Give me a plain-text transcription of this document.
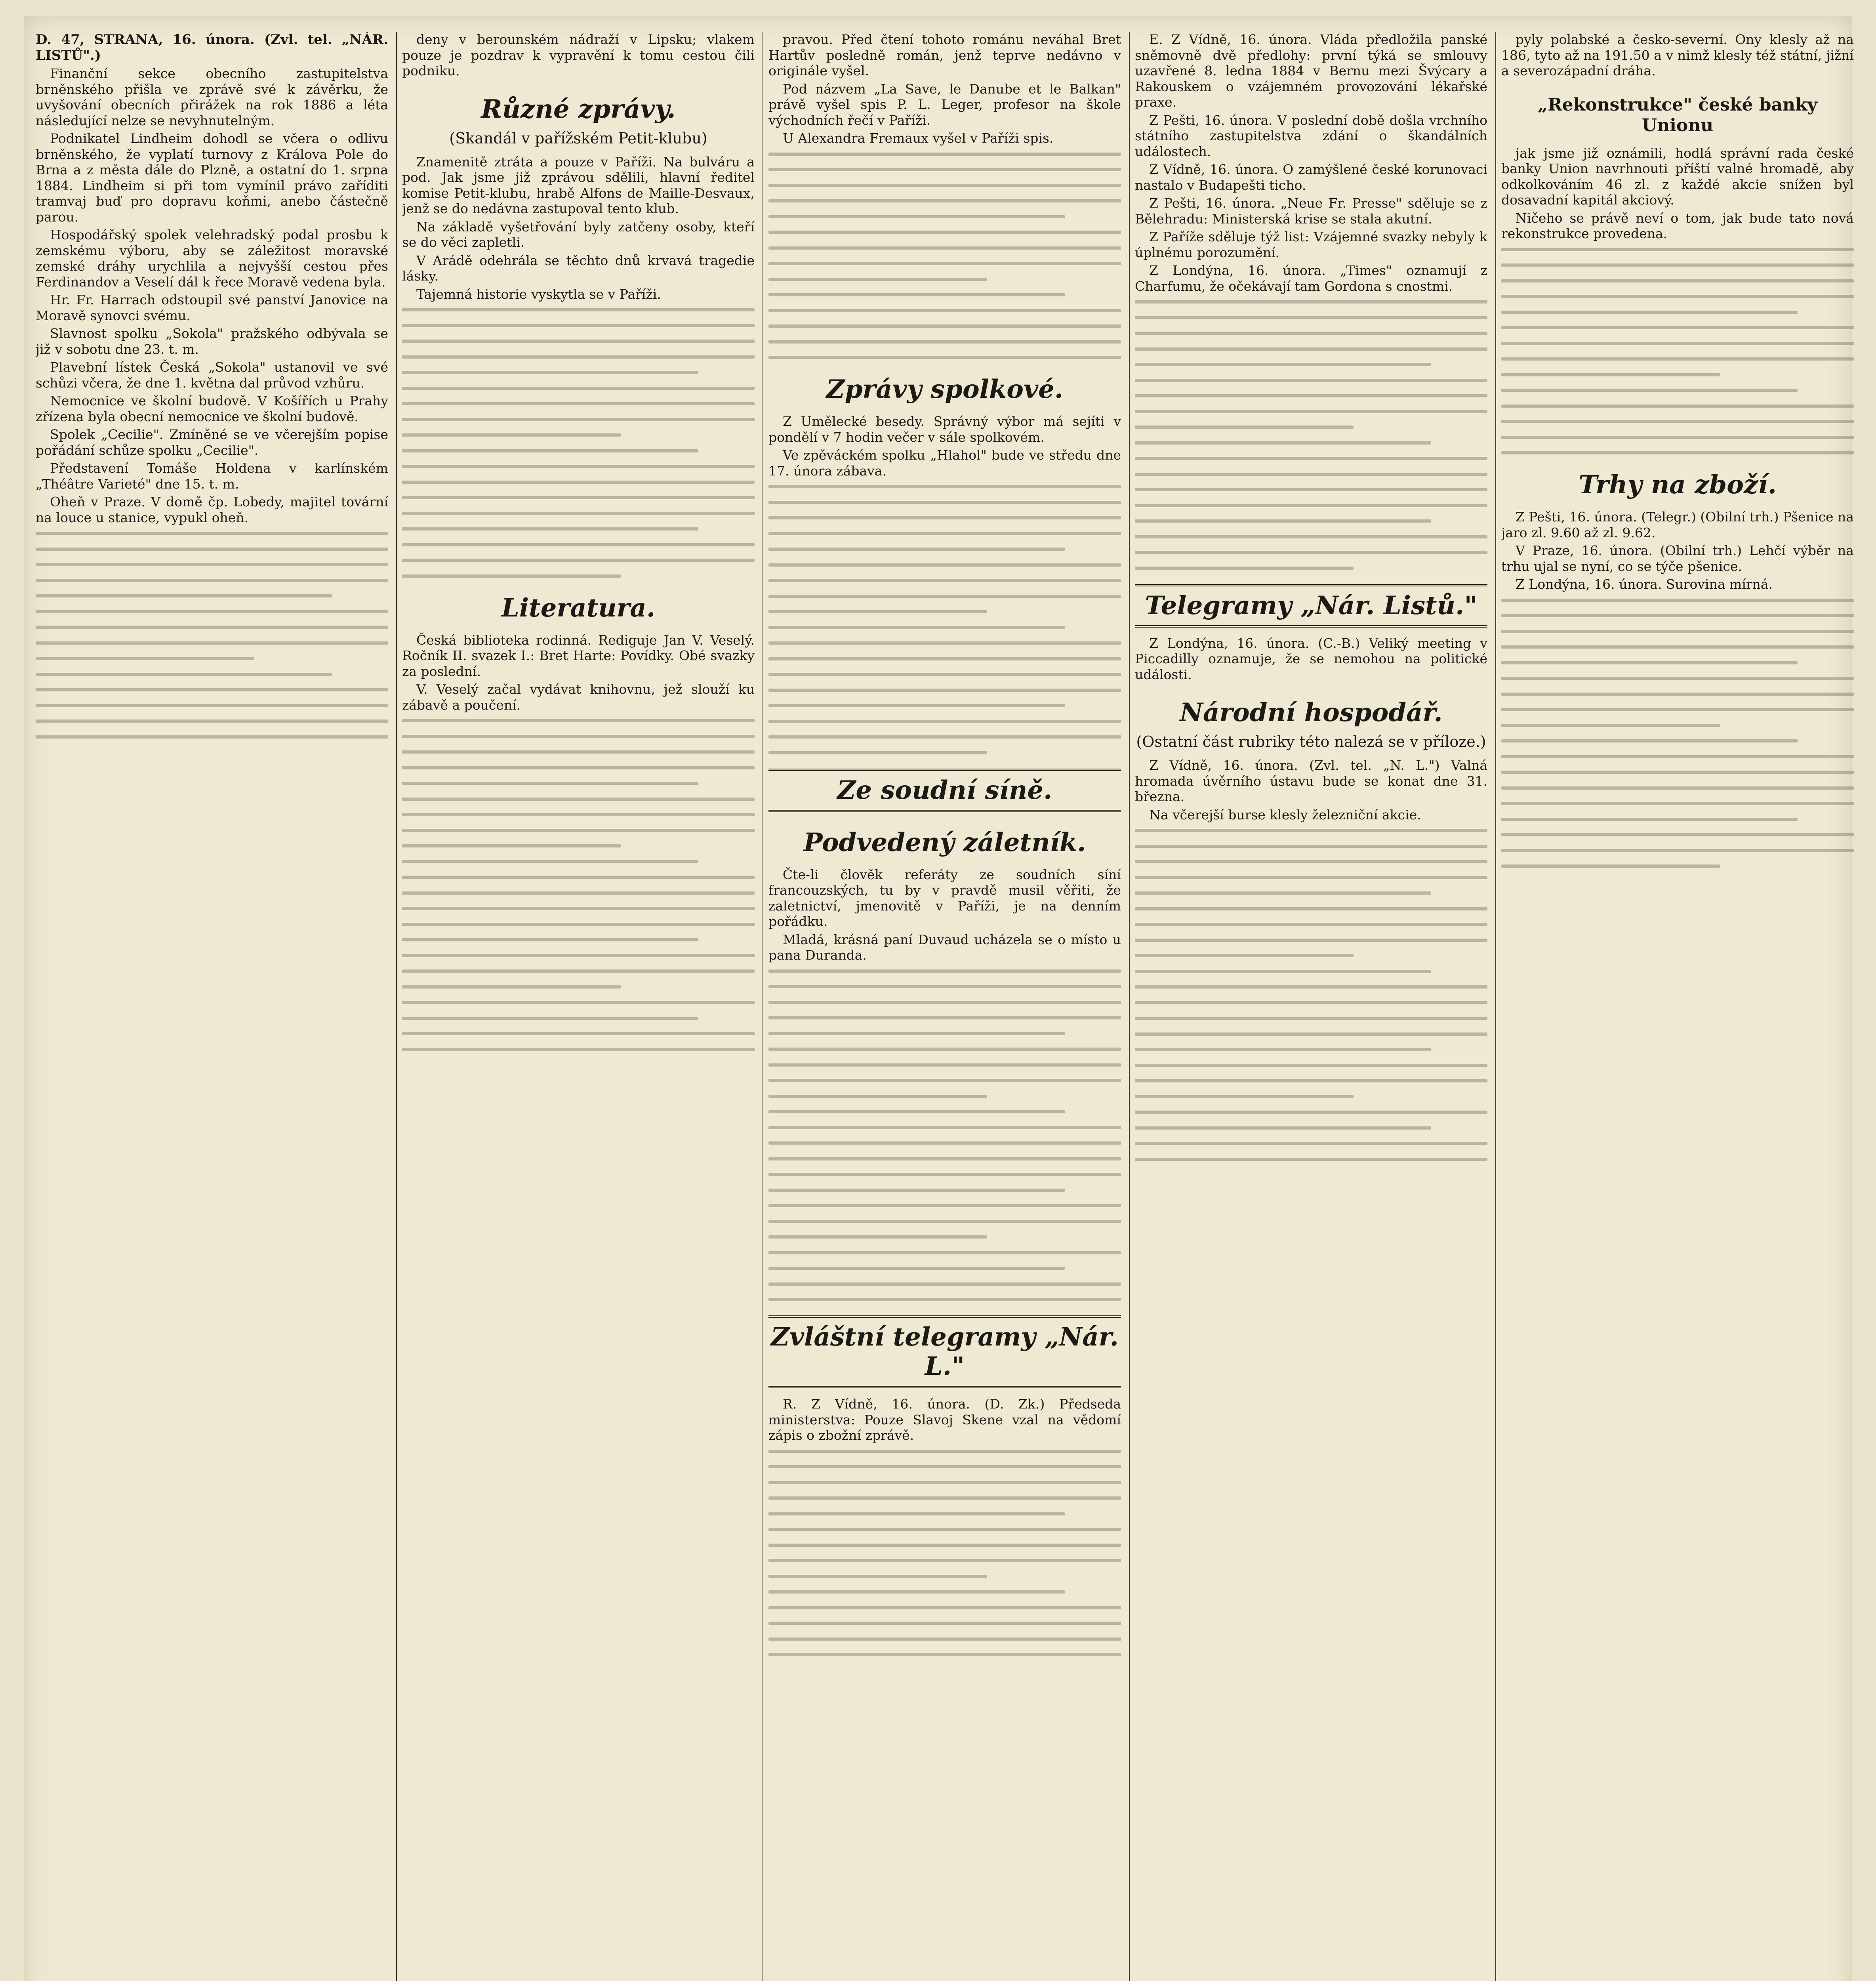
D. 47, STRANA, 16. února. (Zvl. tel. „NÁR. LISTŮ".)

Finanční sekce obecního zastupitelstva brněnského přišla ve zprávě své k závěrku, že uvyšování obecních přirážek na rok 1886 a léta následující nelze se nevyhnutelným.

Podnikatel Lindheim dohodl se včera o odlivu brněnského, že vyplatí turnovy z Králova Pole do Brna a z města dále do Plzně, a ostatní do 1. srpna 1884. Lindheim si při tom vymínil právo zaříditi tramvaj buď pro dopravu koňmi, anebo částečně parou.

Hospodářský spolek velehradský podal prosbu k zemskému výboru, aby se záležitost moravské zemské dráhy urychlila a nejvyšší cestou přes Ferdinandov a Veselí dál k řece Moravě vedena byla.

Hr. Fr. Harrach odstoupil své panství Janovice na Moravě synovci svému.

Slavnost spolku „Sokola" pražského odbývala se již v sobotu dne 23. t. m.

Plavební lístek Česká „Sokola" ustanovil ve své schůzi včera, že dne 1. května dal průvod vzhůru.

Nemocnice ve školní budově. V Košířích u Prahy zřízena byla obecní nemocnice ve školní budově.

Spolek „Cecilie". Zmíněné se ve včerejším popise pořádání schůze spolku „Cecilie".

Představení Tomáše Holdena v karlínském „Théâtre Varieté" dne 15. t. m.

Oheň v Praze. V domě čp. Lobedy, majitel tovární na louce u stanice, vypukl oheň.

deny v berounském nádraží v Lipsku; vlakem pouze je pozdrav k vypravění k tomu cestou čili podniku.

Různé zprávy.
(Skandál v pařížském Petit-klubu)

Znamenitě ztráta a pouze v Paříži. Na bulváru a pod. Jak jsme již zprávou sdělili, hlavní ředitel komise Petit-klubu, hrabě Alfons de Maille-Desvaux, jenž se do nedávna zastupoval tento klub.

Na základě vyšetřování byly zatčeny osoby, kteří se do věci zapletli.

V Arádě odehrála se těchto dnů krvavá tragedie lásky.

Tajemná historie vyskytla se v Paříži.

Literatura.

Česká biblioteka rodinná. Rediguje Jan V. Veselý. Ročník II. svazek I.: Bret Harte: Povídky. Obé svazky za poslední.

V. Veselý začal vydávat knihovnu, jež slouží ku zábavě a poučení.

pravou. Před čtení tohoto románu neváhal Bret Hartův posledně román, jenž teprve nedávno v originále vyšel.

Pod názvem „La Save, le Danube et le Balkan" právě vyšel spis P. L. Leger, profesor na škole východních řečí v Paříži.

U Alexandra Fremaux vyšel v Paříži spis.

Zprávy spolkové.

Z Umělecké besedy. Správný výbor má sejíti v pondělí v 7 hodin večer v sále spolkovém.

Ve zpěváckém spolku „Hlahol" bude ve středu dne 17. února zábava.

Ze soudní síně.
Podvedený záletník.

Čte-li člověk referáty ze soudních síní francouzských, tu by v pravdě musil věřiti, že zaletnictví, jmenovitě v Paříži, je na denním pořádku.

Mladá, krásná paní Duvaud ucházela se o místo u pana Duranda.

Zvláštní telegramy „Nár. L."

R. Z Vídně, 16. února. (D. Zk.) Předseda ministerstva: Pouze Slavoj Skene vzal na vědomí zápis o zbožní zprávě.

E. Z Vídně, 16. února. Vláda předložila panské sněmovně dvě předlohy: první týká se smlouvy uzavřené 8. ledna 1884 v Bernu mezi Švýcary a Rakouskem o vzájemném provozování lékařské praxe.

Z Pešti, 16. února. V poslední době došla vrchního státního zastupitelstva zdání o škandálních událostech.

Z Vídně, 16. února. O zamýšlené české korunovaci nastalo v Budapešti ticho.

Z Pešti, 16. února. „Neue Fr. Presse" sděluje se z Bělehradu: Ministerská krise se stala akutní.

Z Paříže sděluje týž list: Vzájemné svazky nebyly k úplnému porozumění.

Z Londýna, 16. února. „Times" oznamují z Charfumu, že očekávají tam Gordona s cnostmi.

Telegramy „Nár. Listů."

Z Londýna, 16. února. (C.-B.) Veliký meeting v Piccadilly oznamuje, že se nemohou na politické události.

Národní hospodář.
(Ostatní část rubriky této nalezá se v příloze.)

Z Vídně, 16. února. (Zvl. tel. „N. L.") Valná hromada úvěrního ústavu bude se konat dne 31. března.

Na včerejší burse klesly železniční akcie.

pyly polabské a česko-severní. Ony klesly až na 186, tyto až na 191.50 a v nimž klesly též státní, jižní a severozápadní dráha.

„Rekonstrukce" české banky Unionu

jak jsme již oznámili, hodlá správní rada české banky Union navrhnouti příští valné hromadě, aby odkolkováním 46 zl. z každé akcie snížen byl dosavadní kapitál akciový.

Ničeho se právě neví o tom, jak bude tato nová rekonstrukce provedena.

Trhy na zboží.

Z Pešti, 16. února. (Telegr.) (Obilní trh.) Pšenice na jaro zl. 9.60 až zl. 9.62.

V Praze, 16. února. (Obilní trh.) Lehčí výběr na trhu ujal se nyní, co se týče pšenice.

Z Londýna, 16. února. Surovina mírná.
